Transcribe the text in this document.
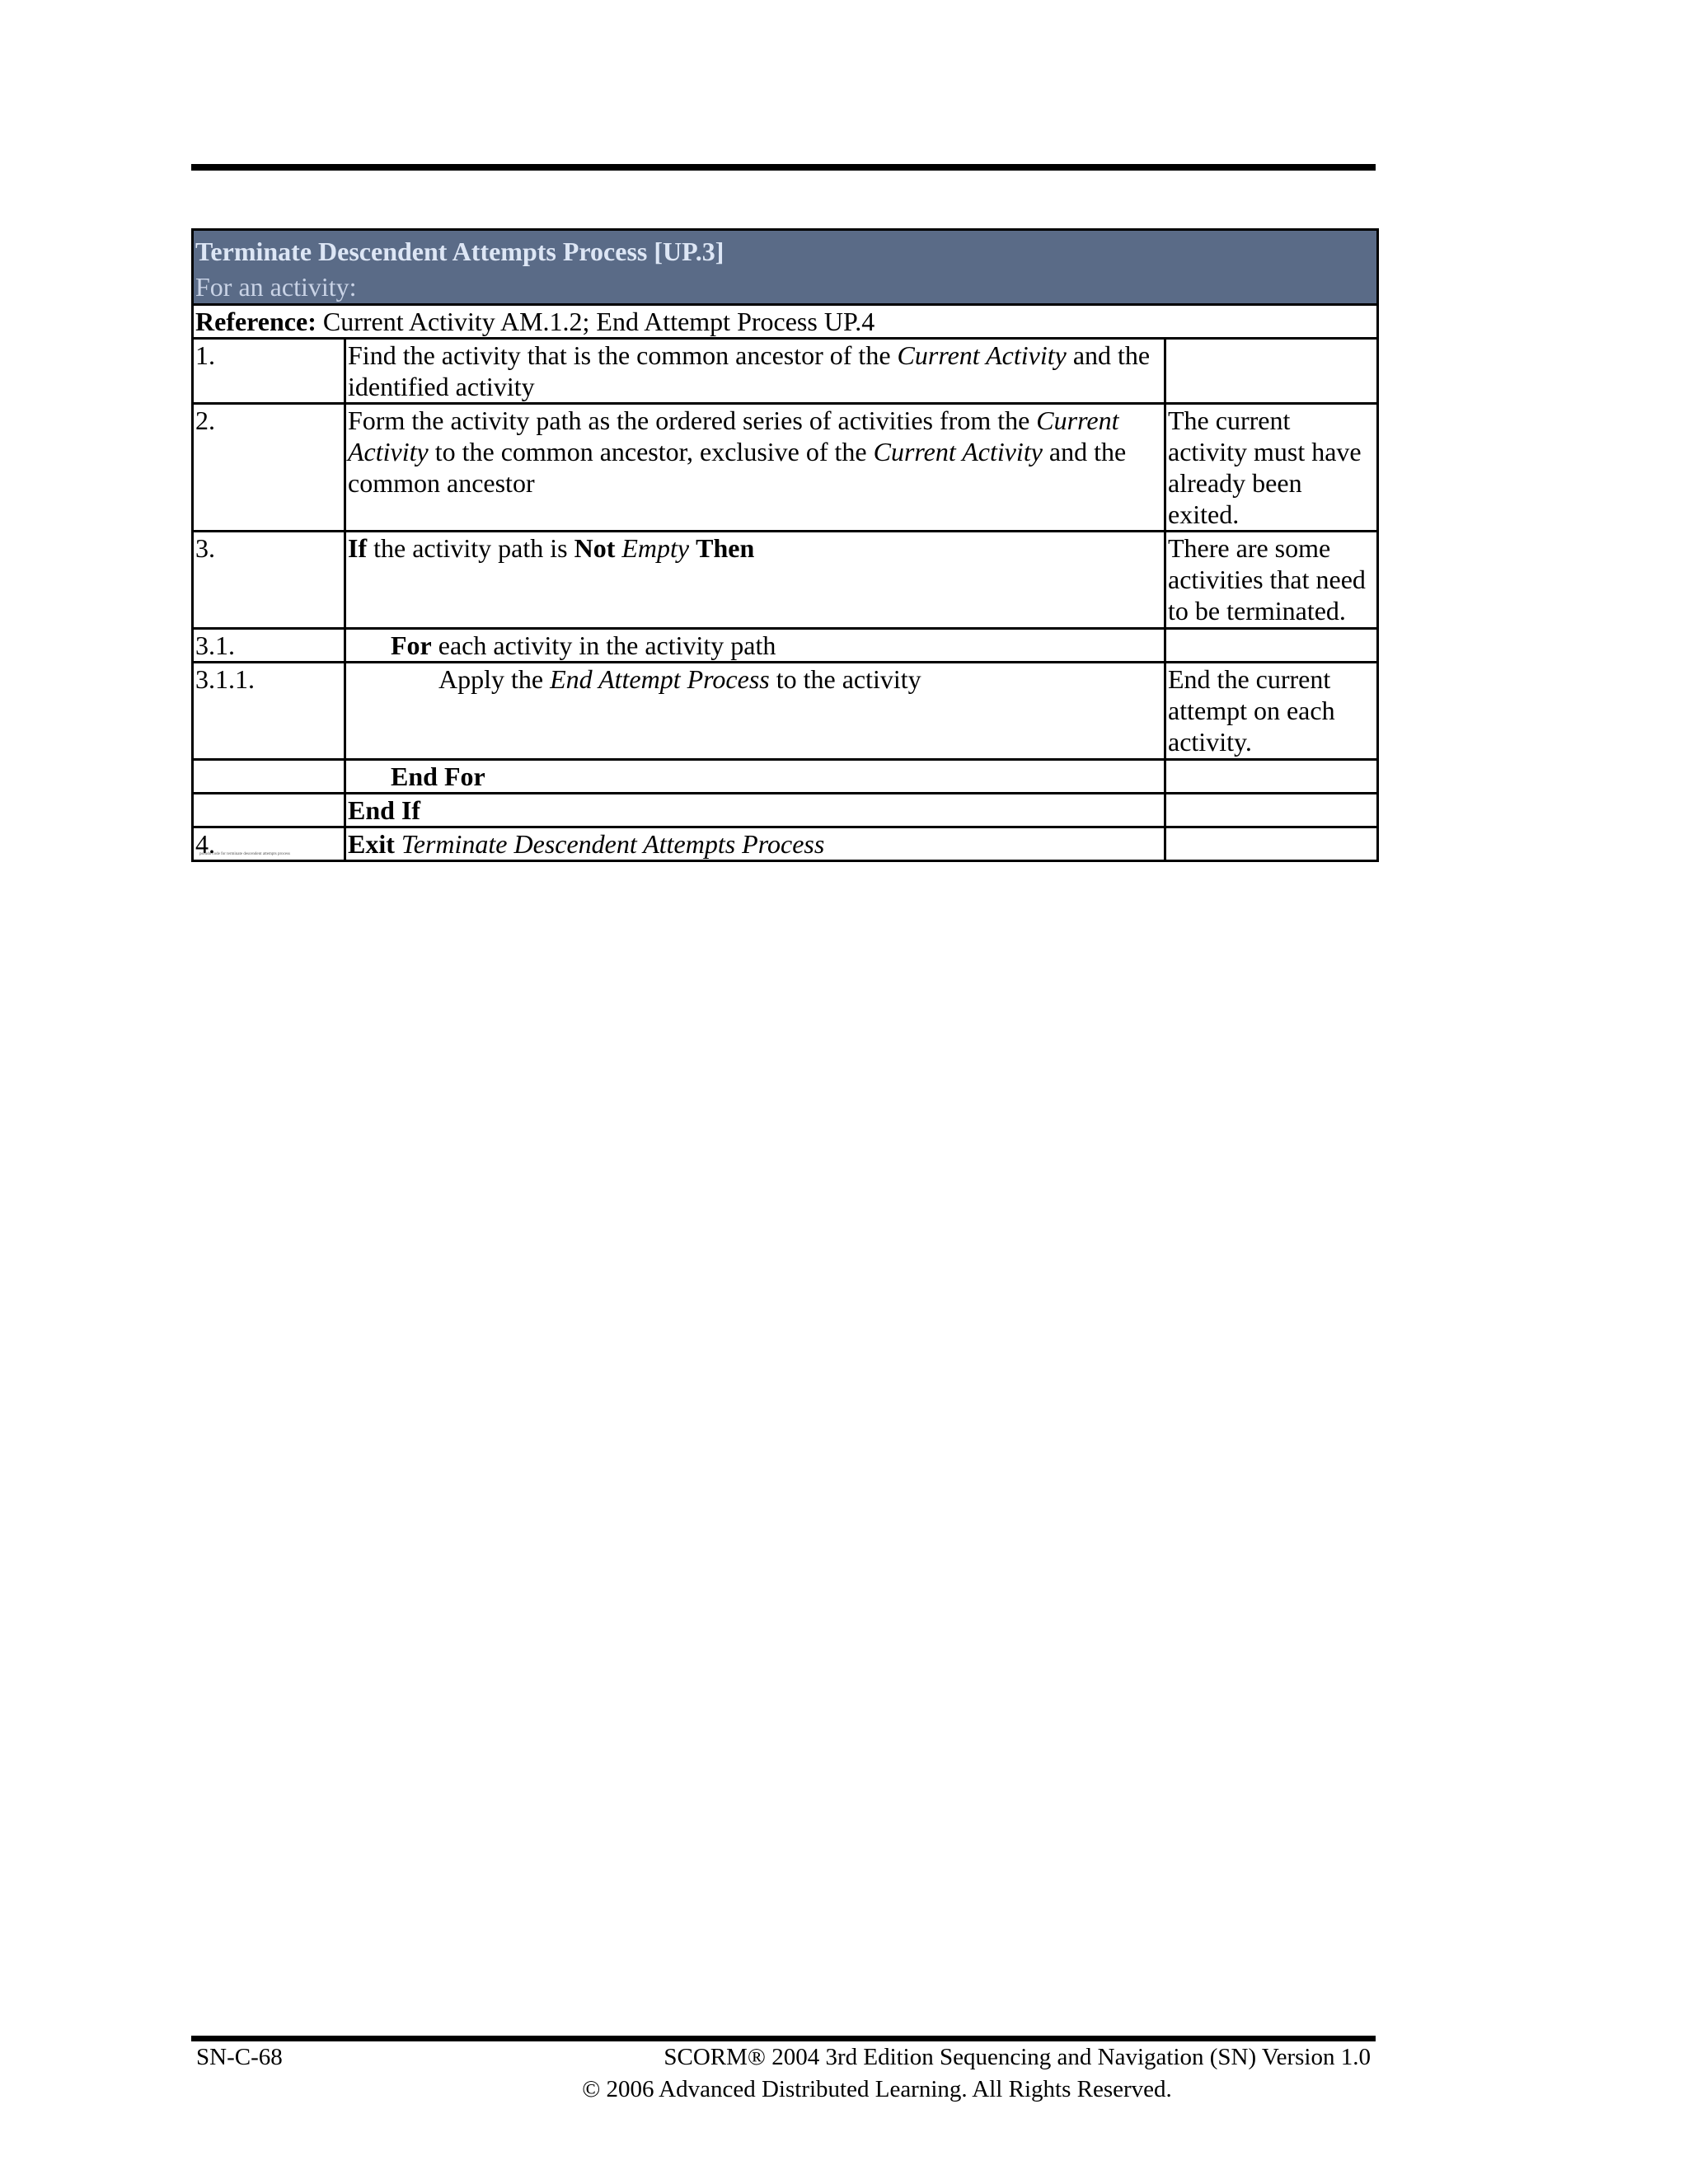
Terminate Descendent Attempts Process [UP.3]
For an activity:		

Reference: Current Activity AM.1.2; End Attempt Process UP.4		
1.	Find the activity that is the common ancestor of the Current Activity and the identified activity	
2.	Form the activity path as the ordered series of activities from the Current Activity to the common ancestor, exclusive of the Current Activity and the common ancestor	The current activity must have already been exited.
3.	If the activity path is Not Empty Then	There are some activities that need to be terminated.
3.1.	For each activity in the activity path	
3.1.1.	Apply the End Attempt Process to the activity	End the current attempt on each activity.
	End For	
	End If	
4.	Exit Terminate Descendent Attempts Process	
pseudo code for terminate descendent attempts process
SN-C-68	SCORM® 2004 3rd Edition Sequencing and Navigation (SN) Version 1.0
© 2006 Advanced Distributed Learning. All Rights Reserved.
